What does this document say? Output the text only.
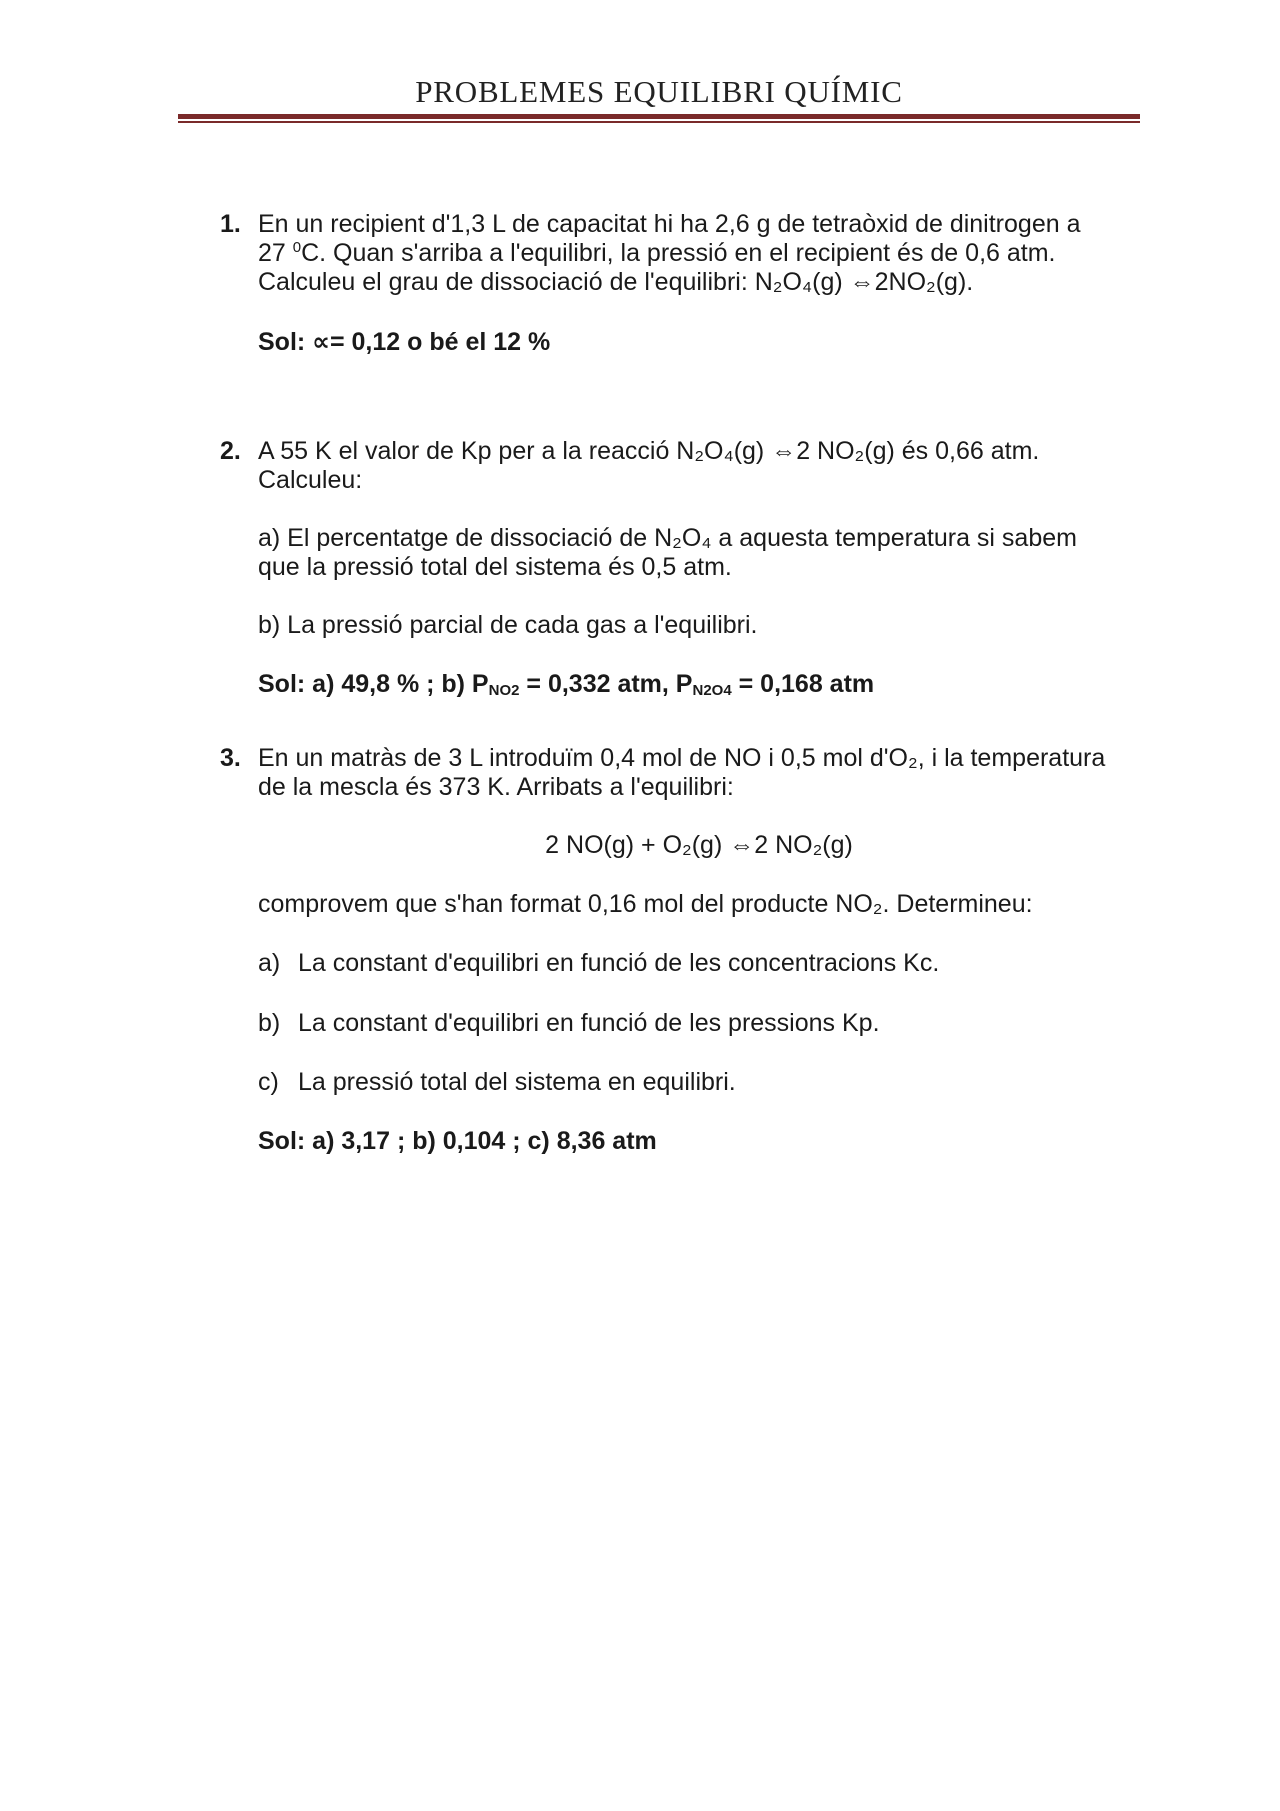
PROBLEMES EQUILIBRI QUÍMIC
1. En un recipient d'1,3 L de capacitat hi ha 2,6 g de tetraòxid de dinitrogen a

27 $^0$C. Quan s'arriba a l'equilibri, la pressió en el recipient és de 0,6 atm.

Calculeu el grau de dissociació de l'equilibri: N₂O₄(g) ⇔2NO₂(g).

Sol: ∝= 0,12 o bé el 12 %

2. A 55 K el valor de Kp per a la reacció N₂O₄(g) ⇔2 NO₂(g) és 0,66 atm.

Calculeu:

a) El percentatge de dissociació de N₂O₄ a aquesta temperatura si sabem

que la pressió total del sistema és 0,5 atm.

b) La pressió parcial de cada gas a l'equilibri.

Sol: a) 49,8 % ; b) PNO2 = 0,332 atm, PN2O4 = 0,168 atm

3. En un matràs de 3 L introduïm 0,4 mol de NO i 0,5 mol d'O₂, i la temperatura

de la mescla és 373 K. Arribats a l'equilibri:

2 NO(g) + O₂(g) ⇔2 NO₂(g)

comprovem que s'han format 0,16 mol del producte NO₂. Determineu:

a) La constant d'equilibri en funció de les concentracions Kc.
b) La constant d'equilibri en funció de les pressions Kp.
c) La pressió total del sistema en equilibri.

Sol: a) 3,17 ; b) 0,104 ; c) 8,36 atm
